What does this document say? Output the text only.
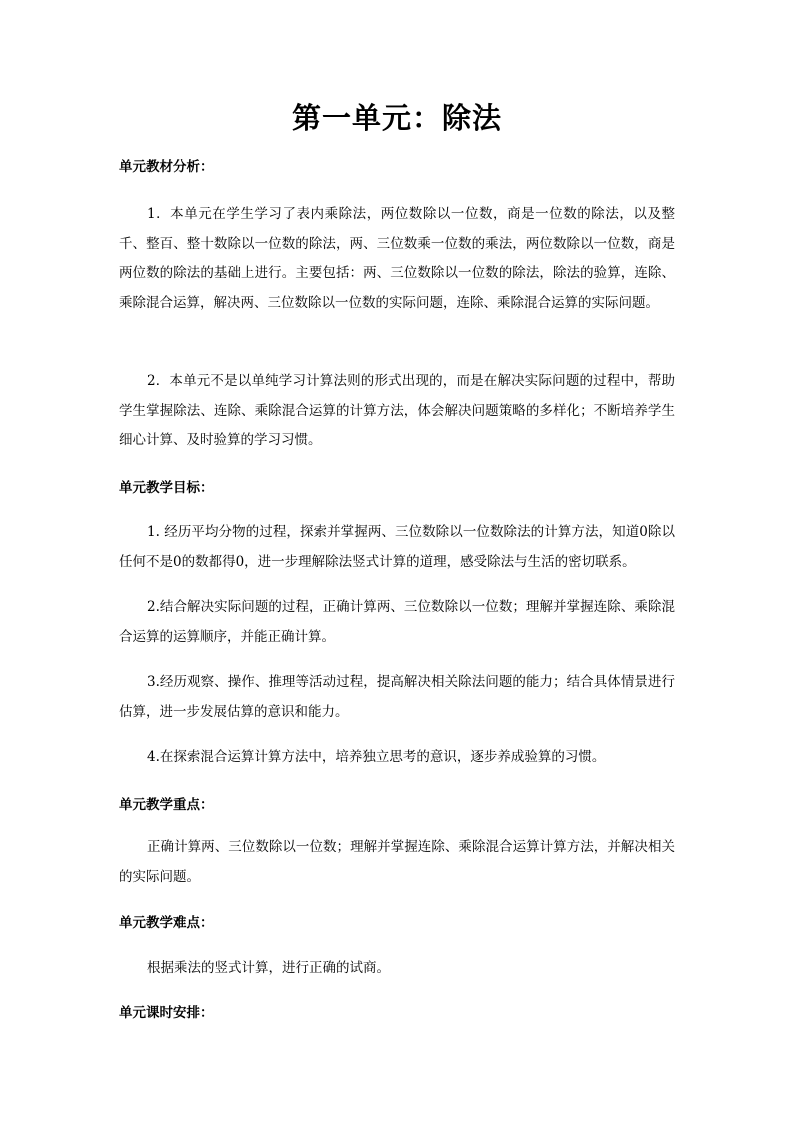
第一单元：除法
单元教材分析：
1．本单元在学生学习了表内乘除法，两位数除以一位数，商是一位数的除法，以及整千、整百、整十数除以一位数的除法，两、三位数乘一位数的乘法，两位数除以一位数，商是两位数的除法的基础上进行。主要包括：两、三位数除以一位数的除法，除法的验算，连除、乘除混合运算，解决两、三位数除以一位数的实际问题，连除、乘除混合运算的实际问题。
2．本单元不是以单纯学习计算法则的形式出现的，而是在解决实际问题的过程中，帮助学生掌握除法、连除、乘除混合运算的计算方法，体会解决问题策略的多样化；不断培养学生细心计算、及时验算的学习习惯。
单元教学目标：
1. 经历平均分物的过程，探索并掌握两、三位数除以一位数除法的计算方法，知道0除以任何不是0的数都得0，进一步理解除法竖式计算的道理，感受除法与生活的密切联系。
2.结合解决实际问题的过程，正确计算两、三位数除以一位数；理解并掌握连除、乘除混合运算的运算顺序，并能正确计算。
3.经历观察、操作、推理等活动过程，提高解决相关除法问题的能力；结合具体情景进行估算，进一步发展估算的意识和能力。
4.在探索混合运算计算方法中，培养独立思考的意识，逐步养成验算的习惯。
单元教学重点：
正确计算两、三位数除以一位数；理解并掌握连除、乘除混合运算计算方法，并解决相关的实际问题。
单元教学难点：
根据乘法的竖式计算，进行正确的试商。
单元课时安排：
